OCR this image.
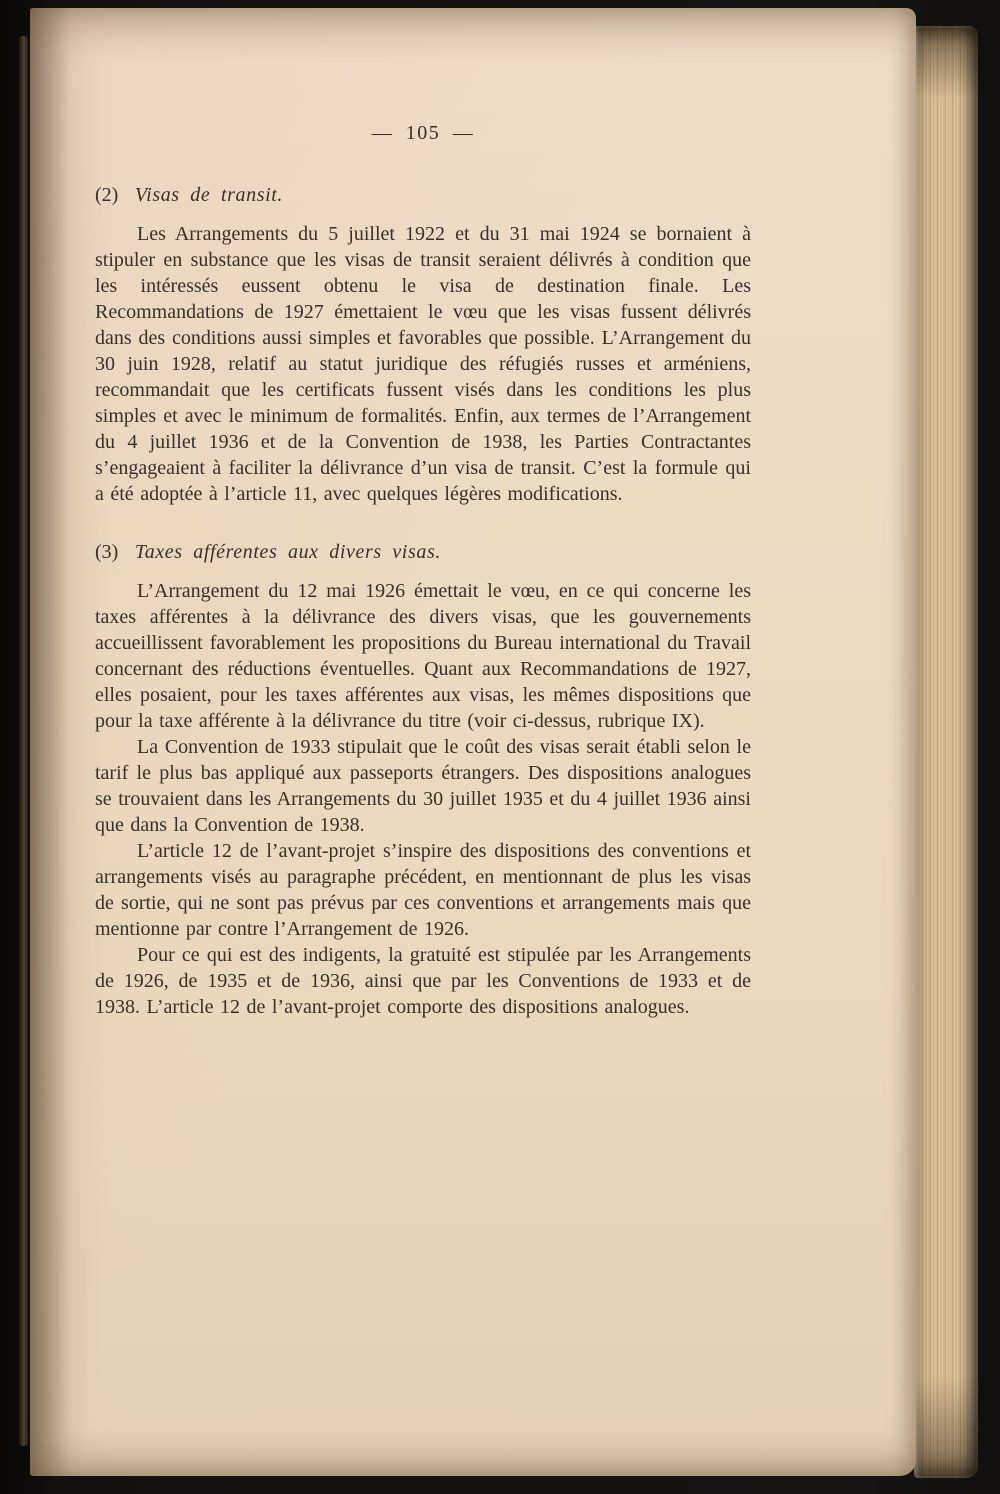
— 105 —
(2) Visas de transit.

Les Arrangements du 5 juillet 1922 et du 31 mai 1924 se bornaient à stipuler en substance que les visas de transit seraient délivrés à condition que les intéressés eussent obtenu le visa de destination finale. Les Recommandations de 1927 émettaient le vœu que les visas fussent délivrés dans des conditions aussi simples et favorables que possible. L’Arrangement du 30 juin 1928, relatif au statut juridique des réfugiés russes et arméniens, recommandait que les certificats fussent visés dans les conditions les plus simples et avec le minimum de formalités. Enfin, aux termes de l’Arrangement du 4 juillet 1936 et de la Convention de 1938, les Parties Contractantes s’engageaient à faciliter la délivrance d’un visa de transit. C’est la formule qui a été adoptée à l’article 11, avec quelques légères modifications.

(3) Taxes afférentes aux divers visas.

L’Arrangement du 12 mai 1926 émettait le vœu, en ce qui concerne les taxes afférentes à la délivrance des divers visas, que les gouvernements accueillissent favorablement les propositions du Bureau international du Travail concernant des réductions éventuelles. Quant aux Recommandations de 1927, elles posaient, pour les taxes afférentes aux visas, les mêmes dispositions que pour la taxe afférente à la délivrance du titre (voir ci-dessus, rubrique IX).

La Convention de 1933 stipulait que le coût des visas serait établi selon le tarif le plus bas appliqué aux passeports étrangers. Des dispositions analogues se trouvaient dans les Arrangements du 30 juillet 1935 et du 4 juillet 1936 ainsi que dans la Convention de 1938.

L’article 12 de l’avant-projet s’inspire des dispositions des conventions et arrangements visés au paragraphe précédent, en mentionnant de plus les visas de sortie, qui ne sont pas prévus par ces conventions et arrangements mais que mentionne par contre l’Arrangement de 1926.

Pour ce qui est des indigents, la gratuité est stipulée par les Arrangements de 1926, de 1935 et de 1936, ainsi que par les Conventions de 1933 et de 1938. L’article 12 de l’avant-projet comporte des dispositions analogues.
